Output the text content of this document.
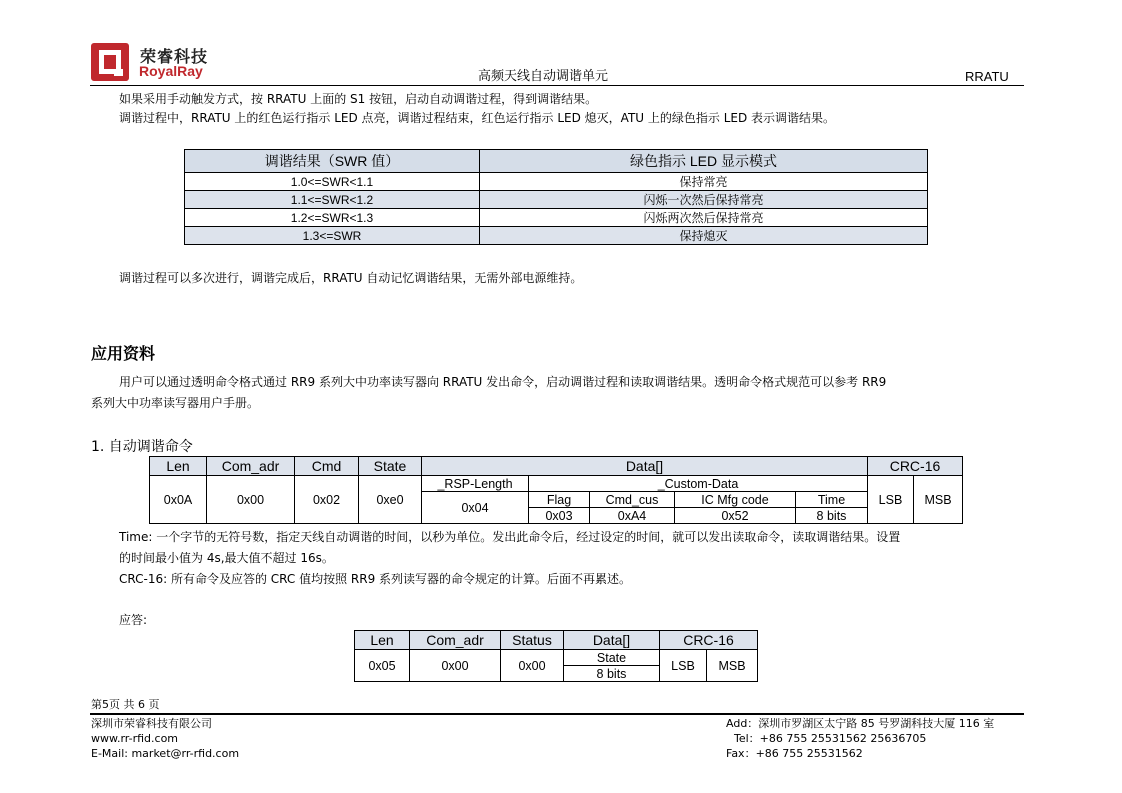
荣睿科技
RoyalRay	高频天线自动调谐单元	RRATU
如果采用手动触发方式，按 RRATU 上面的 S1 按钮，启动自动调谐过程，得到调谐结果。
调谐过程中，RRATU 上的红色运行指示 LED 点亮，调谐过程结束，红色运行指示 LED 熄灭，ATU 上的绿色指示 LED 表示调谐结果。
调谐结果（SWR 值）	绿色指示 LED 显示模式
1.0<=SWR<1.1	保持常亮
1.1<=SWR<1.2	闪烁一次然后保持常亮
1.2<=SWR<1.3	闪烁两次然后保持常亮
1.3<=SWR	保持熄灭
调谐过程可以多次进行，调谐完成后，RRATU 自动记忆调谐结果，无需外部电源维持。
应用资料
用户可以通过透明命令格式通过 RR9 系列大中功率读写器向 RRATU 发出命令，启动调谐过程和读取调谐结果。透明命令格式规范可以参考 RR9
系列大中功率读写器用户手册。
1. 自动调谐命令
Len	Com_adr	Cmd	State	Data[]					CRC-16	
0x0A	0x00	0x02	0xe0	_RSP-Length	_Custom-Data				LSB	MSB
				0x04	Flag	Cmd_cus	IC Mfg code	Time		
					0x03	0xA4	0x52	8 bits		
Time: 一个字节的无符号数，指定天线自动调谐的时间，以秒为单位。发出此命令后，经过设定的时间，就可以发出读取命令，读取调谐结果。设置
的时间最小值为 4s,最大值不超过 16s。
CRC-16: 所有命令及应答的 CRC 值均按照 RR9 系列读写器的命令规定的计算。后面不再累述。
应答:
Len	Com_adr	Status	Data[]	CRC-16	
0x05	0x00	0x00	State	LSB	MSB
			8 bits		
第5页 共 6 页
深圳市荣睿科技有限公司
www.rr-rfid.com
E-Mail: market@rr-rfid.com
Add：深圳市罗湖区太宁路 85 号罗湖科技大厦 116 室
Tel：+86 755 25531562 25636705
Fax：+86 755 25531562
